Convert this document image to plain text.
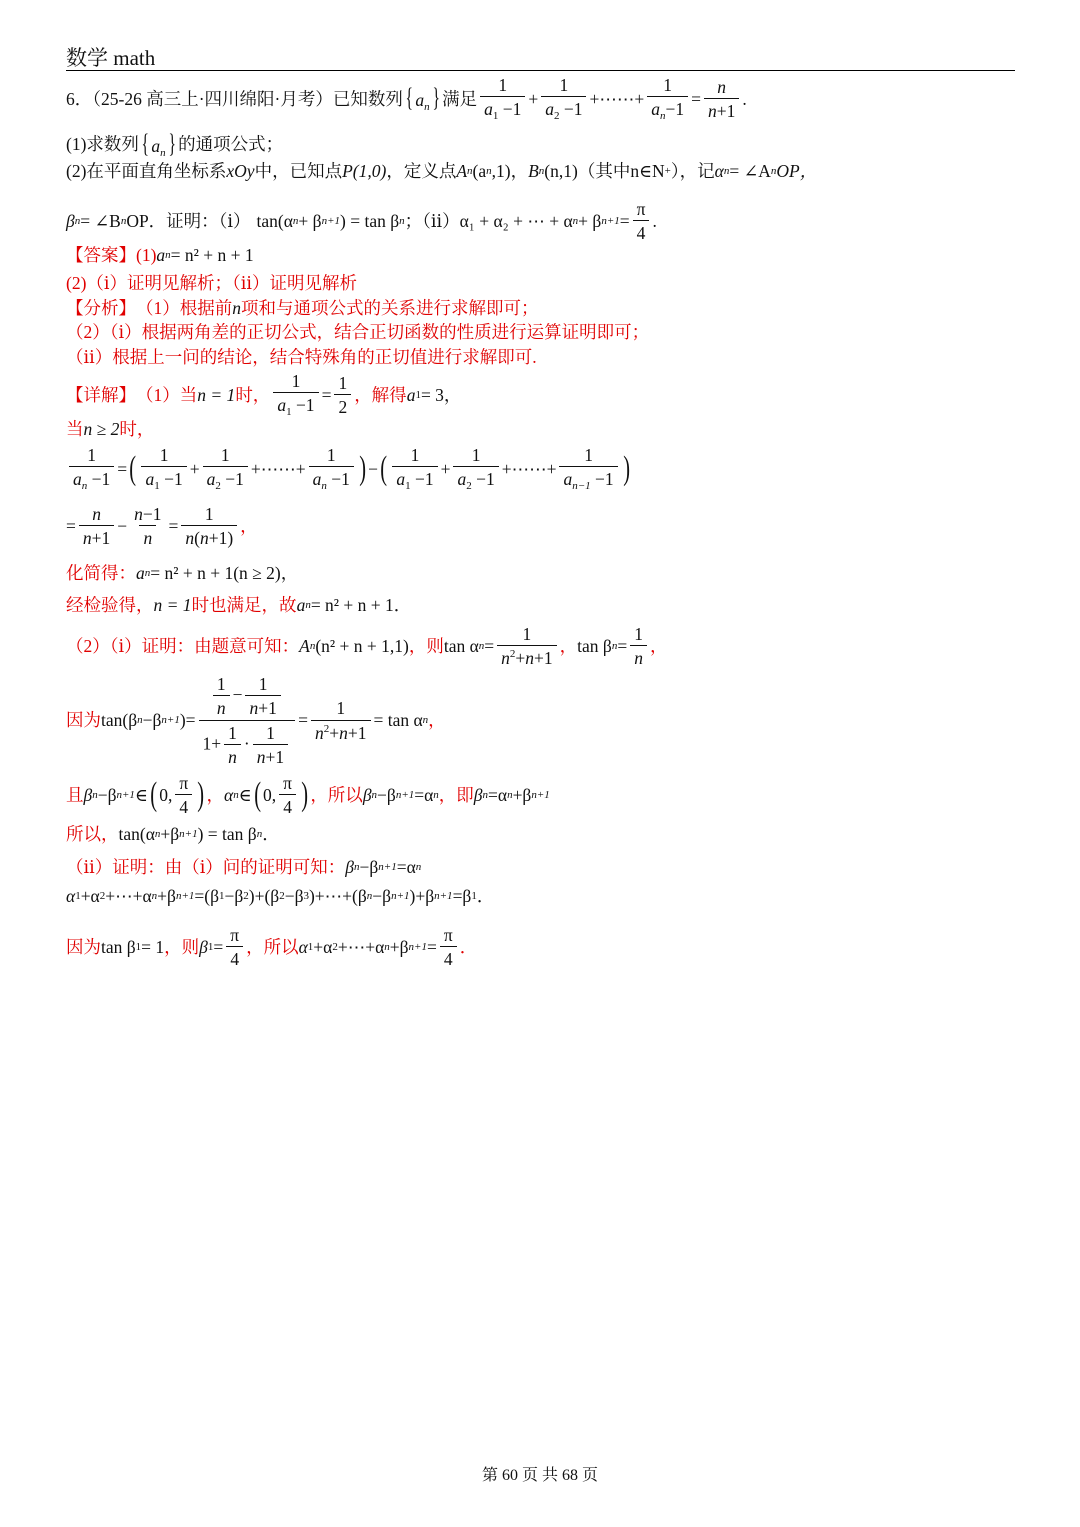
数学 math
6．（25-26 高三上·四川绵阳·月考）已知数列 { $a_n$} 满足 $\frac{1}{a_1 -1} + \frac{1}{a_2 -1}$ +⋯⋯+ $\frac{1}{a_n-1} = \frac{n}{n+1}$ .
(1)求数列 { $a_n$} 的通项公式；
(2)在平面直角坐标系 xOy 中，已知点 P(1,0) ，定义点 A n (a n ,1) ， B n (n,1) （其中 n∈N + ），记 α n = ∠A n OP，
β n = ∠B n OP．证明：（ⅰ） tan(α n + β n+1 ) = tan β n ；（ⅱ） α₁ + α₂ + ⋯ + α n + β $n+1 = \frac{\pi}{4}$ .
【答案】 (1) a n = n² + n + 1
(2)（ⅰ）证明见解析；（ⅱ）证明见解析
【分析】 （1）根据前 n 项和与通项公式的关系进行求解即可；
（2）（ⅰ）根据两角差的正切公式，结合正切函数的性质进行运算证明即可；
（ⅱ）根据上一问的结论，结合特殊角的正切值进行求解即可.
【详解】 （1）当 n = 1 时， $\frac{1}{a_1 -1} = \frac{1}{2}$ ，解得 a 1 = 3，
当 n ≥ 2 时，
$\frac{1}{a_n -1}$ = ( $\frac{1}{a_1 -1} + \frac{1}{a_2 -1}$ +⋯⋯+ $\frac{1}{a_n -1}$ ) − ( $\frac{1}{a_1 -1} + \frac{1}{a_2 -1}$ +⋯⋯+ $\frac{1}{a_{n-1} -1}$ )
= $\frac{n}{n+1} - \frac{n-1}{n} = \frac{1}{n(n+1)}$ ，
化简得： a n = n² + n + 1(n ≥ 2)，
经检验得， n = 1 时也满足，故 a n = n² + n + 1．
（2）（ⅰ）证明：由题意可知： A n (n² + n + 1,1) ，则 tan α $n = \frac{1}{n^2+n+1}$ ， tan β $n = \frac{1}{n}$ ，
因为 tan(β n −β n+1 )= $\frac{\frac{1}{n} - \frac{1}{n+1}}{1+ \frac{1}{n} \cdot \frac{1}{n+1}} = \frac{1}{n^2+n+1} = \tan \alpha$ n ，
且 β n −β n+1 ∈ ( 0, $\frac{\pi}{4}$ ) ， α n ∈ ( 0, $\frac{\pi}{4}$ ) ，所以 β n −β n+1 =α n ，即 β n =α n +β n+1
所以， tan(α n +β n+1 ) = tan β n ．
（ⅱ）证明：由（ⅰ）问的证明可知： β n −β n+1 =α n
α 1 +α 2 +⋯+α n +β n+1 =(β 1 −β 2 )+(β 2 −β 3 )+⋯+(β n −β n+1 )+β n+1 =β 1 ．
因为 tan β 1 = 1 ，则 β $1 = \frac{\pi}{4}$ ，所以 α 1 +α 2 +⋯+α n +β $n+1 = \frac{\pi}{4}$ ．
第 60 页 共 68 页
